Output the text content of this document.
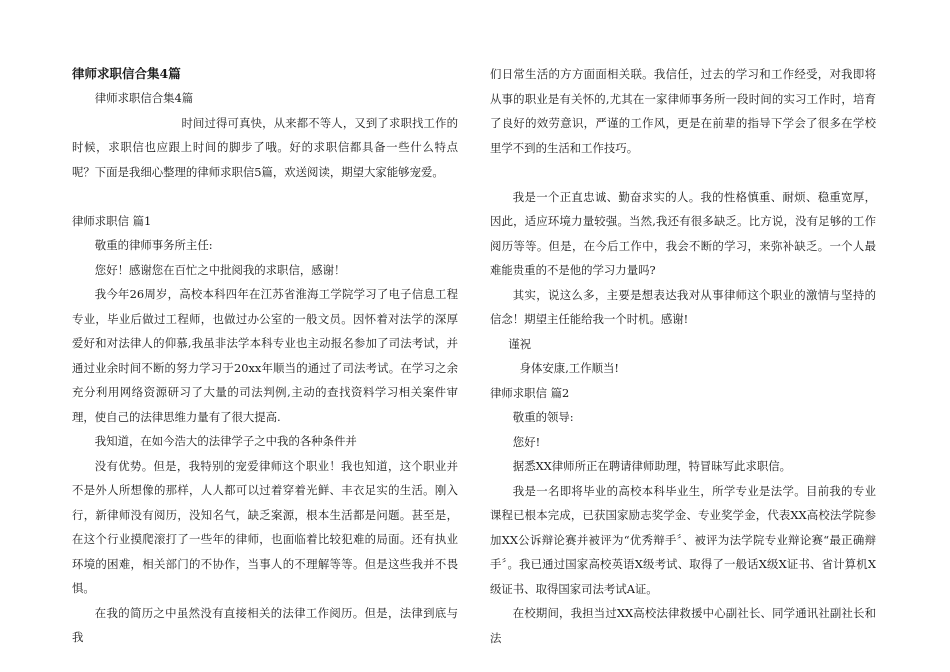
律师求职信合集4篇

律师求职信合集4篇

时间过得可真快，从来都不等人，又到了求职找工作的时候，求职信也应跟上时间的脚步了哦。好的求职信都具备一些什么特点呢？下面是我细心整理的律师求职信5篇，欢送阅读，期望大家能够宠爱。

律师求职信 篇1

敬重的律师事务所主任:

您好！感谢您在百忙之中批阅我的求职信，感谢！

我今年26周岁，高校本科四年在江苏省淮海工学院学习了电子信息工程专业，毕业后做过工程师，也做过办公室的一般文员。因怀着对法学的深厚爱好和对法律人的仰慕,我虽非法学本科专业也主动报名参加了司法考试，并通过业余时间不断的努力学习于20xx年顺当的通过了司法考试。在学习之余充分利用网络资源研习了大量的司法判例,主动的查找资料学习相关案件审理，使自己的法律思维力量有了很大提高.

我知道，在如今浩大的法律学子之中我的各种条件并

没有优势。但是，我特别的宠爱律师这个职业！我也知道，这个职业并不是外人所想像的那样，人人都可以过着穿着光鲜、丰衣足实的生活。刚入行，新律师没有阅历，没知名气，缺乏案源，根本生活都是问题。甚至是，在这个行业摸爬滚打了一些年的律师，也面临着比较犯难的局面。还有执业环境的困难，相关部门的不协作，当事人的不理解等等。但是这些我并不畏惧。

在我的简历之中虽然没有直接相关的法律工作阅历。但是，法律到底与我

们日常生活的方方面面相关联。我信任，过去的学习和工作经受，对我即将从事的职业是有关怀的,尤其在一家律师事务所一段时间的实习工作时，培育了良好的效劳意识，严谨的工作风，更是在前辈的指导下学会了很多在学校里学不到的生活和工作技巧。

我是一个正直忠诚、勤奋求实的人。我的性格慎重、耐烦、稳重宽厚，因此，适应环境力量较强。当然,我还有很多缺乏。比方说，没有足够的工作阅历等等。但是，在今后工作中，我会不断的学习，来弥补缺乏。一个人最难能贵重的不是他的学习力量吗?

其实，说这么多，主要是想表达我对从事律师这个职业的激情与坚持的信念！期望主任能给我一个时机。感谢!

谨祝

身体安康,工作顺当!

律师求职信 篇2

敬重的领导:

您好!

据悉XX律师所正在聘请律师助理，特冒昧写此求职信。

我是一名即将毕业的高校本科毕业生，所学专业是法学。目前我的专业课程已根本完成，已获国家励志奖学金、专业奖学金，代表XX高校法学院参加XX公诉辩论赛并被评为“优秀辩手〞、被评为法学院专业辩论赛“最正确辩手〞。我已通过国家高校英语X级考试、取得了一般话X级X证书、省计算机X级证书、取得国家司法考试A证。

在校期间，我担当过XX高校法律救援中心副社长、同学通讯社副社长和法
